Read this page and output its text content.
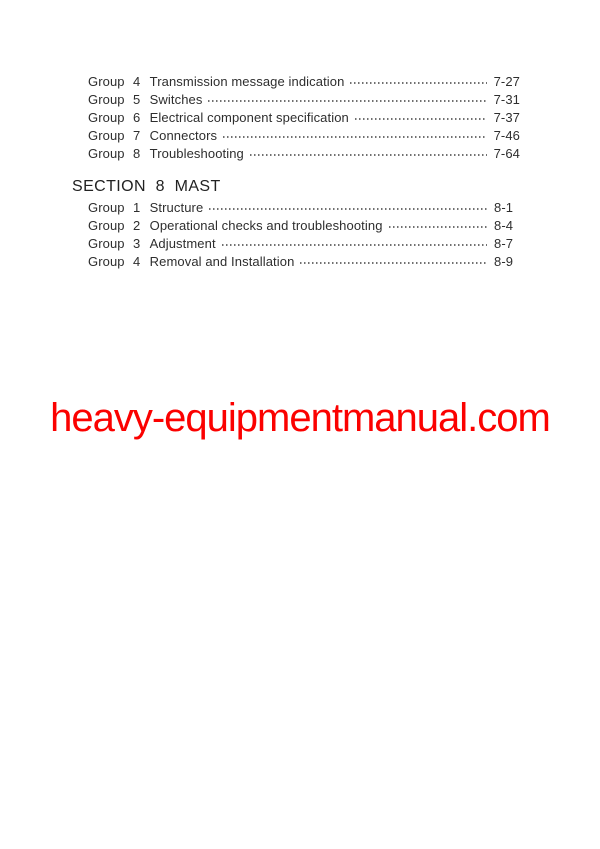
Group 4 Transmission message indication	7-27
Group 5 Switches	7-31
Group 6 Electrical component specification	7-37
Group 7 Connectors	7-46
Group 8 Troubleshooting	7-64
SECTION  8  MAST
Group 1 Structure	8-1
Group 2 Operational checks and troubleshooting	8-4
Group 3 Adjustment	8-7
Group 4 Removal and Installation	8-9
heavy-equipmentmanual.com
